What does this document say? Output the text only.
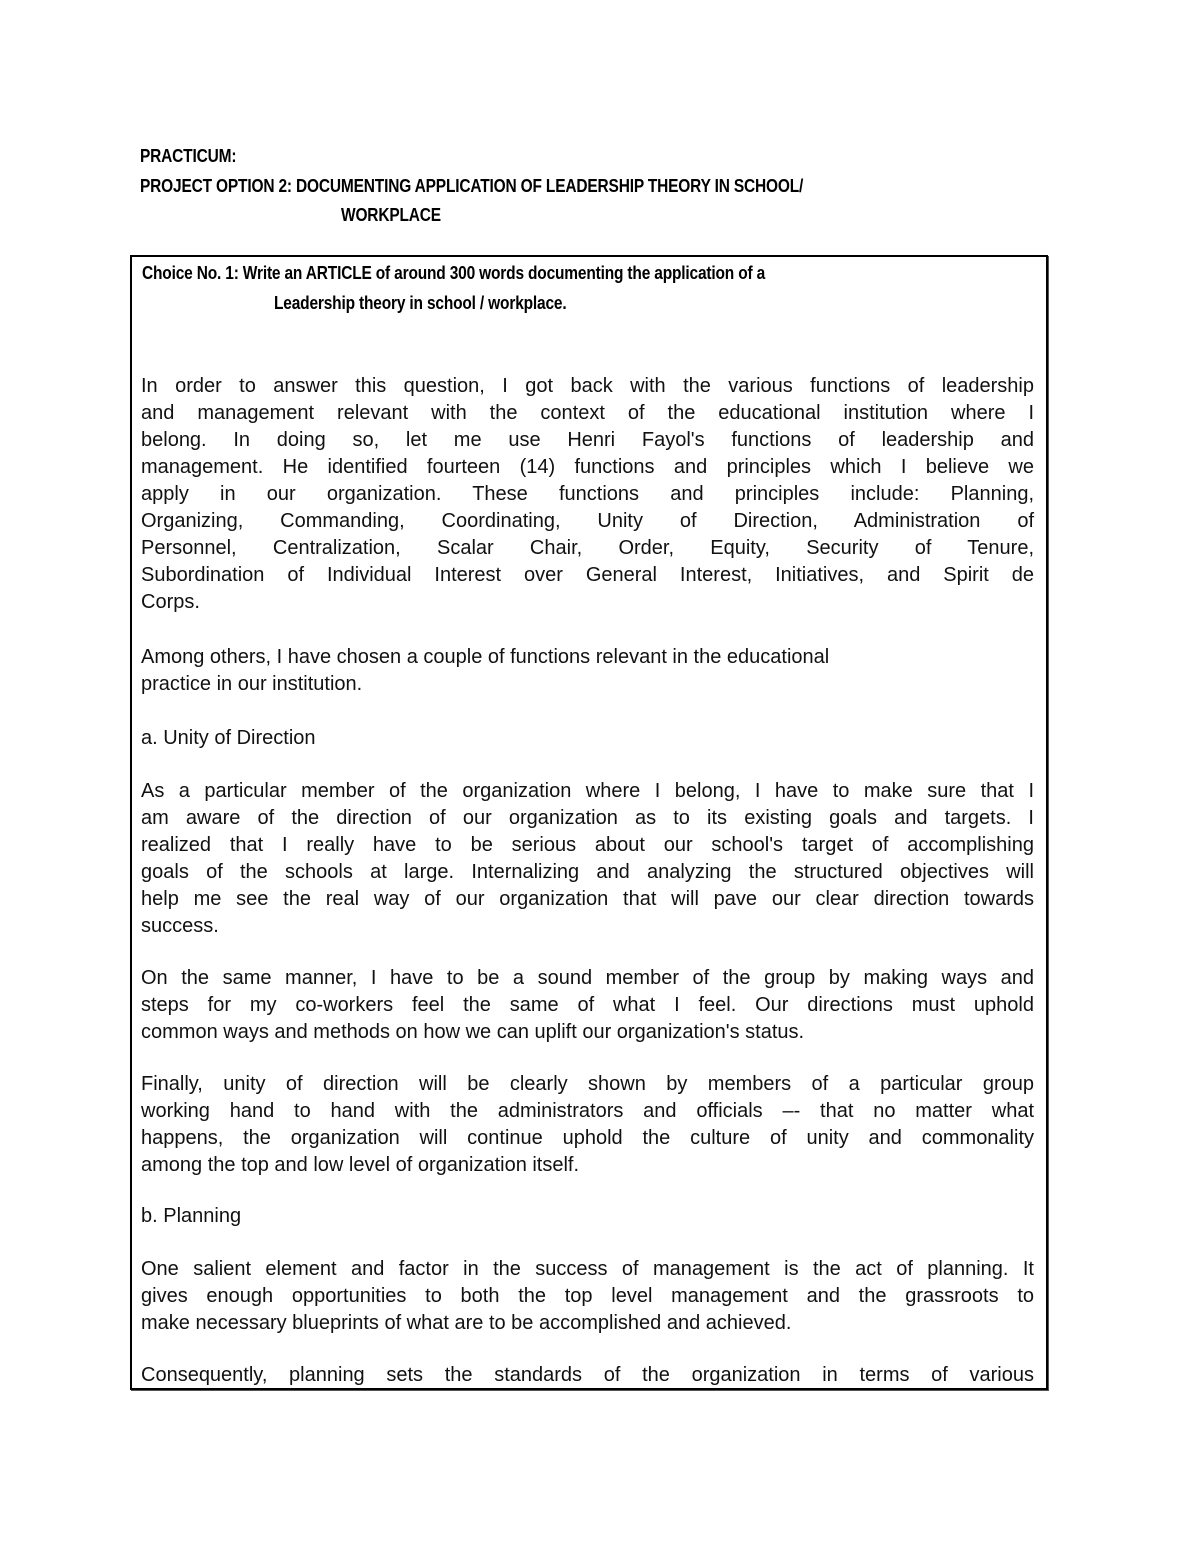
PRACTICUM:
PROJECT OPTION 2: DOCUMENTING APPLICATION OF LEADERSHIP THEORY IN SCHOOL/
WORKPLACE
Choice No. 1: Write an ARTICLE of around 300 words documenting the application of a
Leadership theory in school / workplace.
In order to answer this question, I got back with the various functions of leadership
and management relevant with the context of the educational institution where I
belong. In doing so, let me use Henri Fayol's functions of leadership and
management. He identified fourteen (14) functions and principles which I believe we
apply in our organization. These functions and principles include: Planning,
Organizing, Commanding, Coordinating, Unity of Direction, Administration of
Personnel, Centralization, Scalar Chair, Order, Equity, Security of Tenure,
Subordination of Individual Interest over General Interest, Initiatives, and Spirit de
Corps.
Among others, I have chosen a couple of functions relevant in the educational
practice in our institution.
a. Unity of Direction
As a particular member of the organization where I belong, I have to make sure that I
am aware of the direction of our organization as to its existing goals and targets. I
realized that I really have to be serious about our school's target of accomplishing
goals of the schools at large. Internalizing and analyzing the structured objectives will
help me see the real way of our organization that will pave our clear direction towards
success.
On the same manner, I have to be a sound member of the group by making ways and
steps for my co-workers feel the same of what I feel. Our directions must uphold
common ways and methods on how we can uplift our organization's status.
Finally, unity of direction will be clearly shown by members of a particular group
working hand to hand with the administrators and officials –- that no matter what
happens, the organization will continue uphold the culture of unity and commonality
among the top and low level of organization itself.
b. Planning
One salient element and factor in the success of management is the act of planning. It
gives enough opportunities to both the top level management and the grassroots to
make necessary blueprints of what are to be accomplished and achieved.
Consequently, planning sets the standards of the organization in terms of various
